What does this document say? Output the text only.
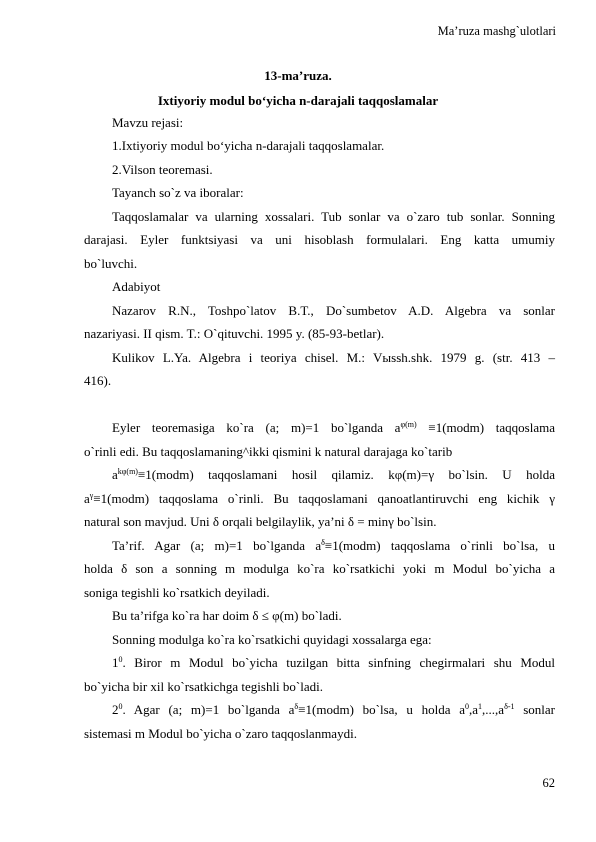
Ma’ruza mashg`ulotlari
13-ma’ruza.
Ixtiyoriy modul bo‘yicha n-darajali taqqoslamalar
Mavzu rejasi:
1.Ixtiyoriy modul bo‘yicha n-darajali taqqoslamalar.
2.Vilson teoremasi.
Tayanch so`z va iboralar:
Taqqoslamalar va ularning xossalari. Tub sonlar va o`zaro tub sonlar. Sonning
darajasi. Eyler funktsiyasi va uni hisoblash formulalari. Eng katta umumiy
bo`luvchi.
Adabiyot
Nazarov R.N., Toshpo`latov B.T., Do`sumbetov A.D. Algebra va sonlar
nazariyasi. II qism. T.: O`qituvchi. 1995 y. (85-93-betlar).
Kulikov L.Ya. Algebra i teoriya chisel. M.: Vыssh.shk. 1979 g. (str. 413 –
416).
Eyler teoremasiga ko`ra (a; m)=1 bo`lganda $a^{\varphi(m)}$ ≡1(modm) taqqoslama
o`rinli edi. Bu taqqoslamaning^ikki qismini k natural darajaga ko`tarib
$a^{k\varphi(m)}\equiv 1(modm)$ taqqoslamani hosil qilamiz. kφ(m)=γ bo`lsin. U holda
$a^\gamma\equiv 1(modm)$ taqqoslama o`rinli. Bu taqqoslamani qanoatlantiruvchi eng kichik γ
natural son mavjud. Uni δ orqali belgilaylik, ya’ni δ = minγ bo`lsin.
Ta’rif. Agar (a; m)=1 bo`lganda $a^\delta\equiv 1(modm)$ taqqoslama o`rinli bo`lsa, u
holda δ son a sonning m modulga ko`ra ko`rsatkichi yoki m Modul bo`yicha a
soniga tegishli ko`rsatkich deyiladi.
Bu ta’rifga ko`ra har doim δ ≤ φ(m) bo`ladi.
Sonning modulga ko`ra ko`rsatkichi quyidagi xossalarga ega:
$1^0$. Biror m Modul bo`yicha tuzilgan bitta sinfning chegirmalari shu Modul
bo`yicha bir xil ko`rsatkichga tegishli bo`ladi.
$2^0$. Agar (a; m)=1 bo`lganda $a^\delta\equiv 1(modm)$ bo`lsa, u holda $a^0,a^1,...,a^{\delta-1}$ sonlar
sistemasi m Modul bo`yicha o`zaro taqqoslanmaydi.
62
